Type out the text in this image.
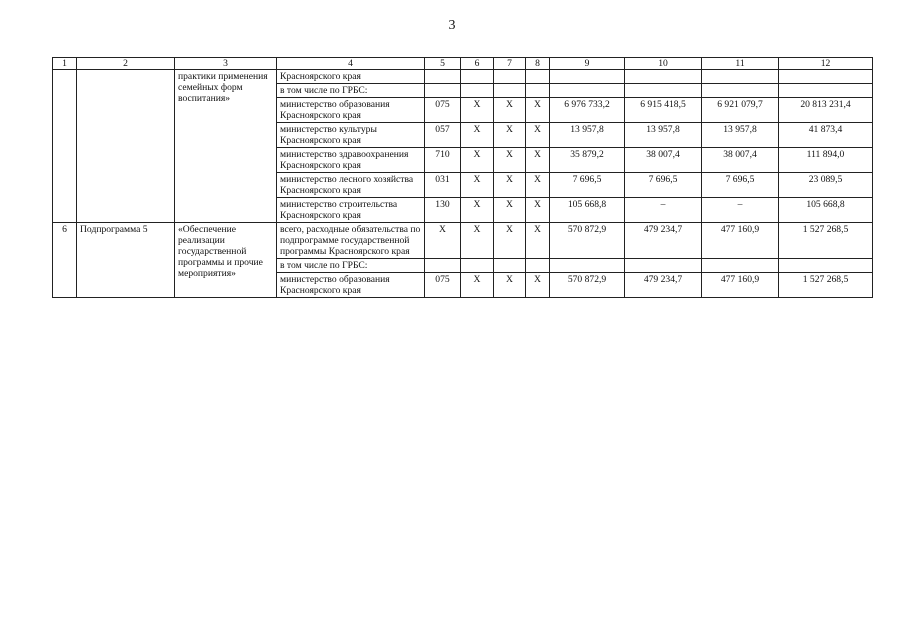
3
1	2	3	4	5	6	7	8	9	10	11	12
		практики применения семейных форм воспитания»	Красноярского края								
			в том числе по ГРБС:								
			министерство образования Красноярского края	075	Х	Х	Х	6 976 733,2	6 915 418,5	6 921 079,7	20 813 231,4
			министерство культуры Красноярского края	057	Х	Х	Х	13 957,8	13 957,8	13 957,8	41 873,4
			министерство здравоохранения Красноярского края	710	Х	Х	Х	35 879,2	38 007,4	38 007,4	111 894,0
			министерство лесного хозяйства Красноярского края	031	Х	Х	Х	7 696,5	7 696,5	7 696,5	23 089,5
			министерство строительства Красноярского края	130	Х	Х	Х	105 668,8	–	–	105 668,8
6	Подпрограмма 5	«Обеспечение реализации государственной программы и прочие мероприятия»	всего, расходные обязательства по подпрограмме государственной программы Красноярского края	Х	Х	Х	Х	570 872,9	479 234,7	477 160,9	1 527 268,5
			в том числе по ГРБС:								
			министерство образования Красноярского края	075	Х	Х	Х	570 872,9	479 234,7	477 160,9	1 527 268,5
